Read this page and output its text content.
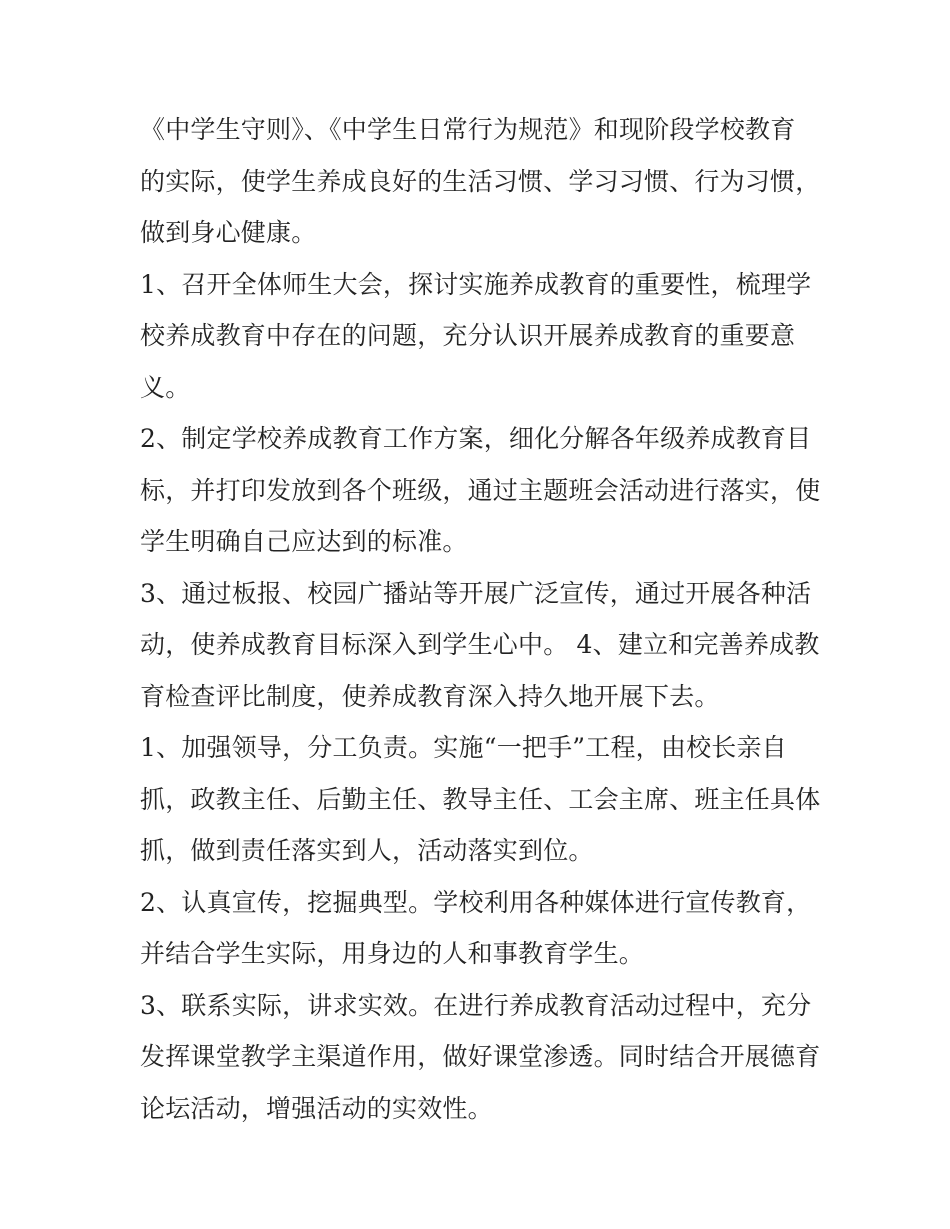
《中学生守则》、《中学生日常行为规范》和现阶段学校教育
的实际，使学生养成良好的生活习惯、学习习惯、行为习惯，
做到身心健康。
1、召开全体师生大会，探讨实施养成教育的重要性，梳理学
校养成教育中存在的问题，充分认识开展养成教育的重要意
义。
2、制定学校养成教育工作方案，细化分解各年级养成教育目
标，并打印发放到各个班级，通过主题班会活动进行落实，使
学生明确自己应达到的标准。
3、通过板报、校园广播站等开展广泛宣传，通过开展各种活
动，使养成教育目标深入到学生心中。 4、建立和完善养成教
育检查评比制度，使养成教育深入持久地开展下去。
1、加强领导，分工负责。实施“一把手”工程，由校长亲自
抓，政教主任、后勤主任、教导主任、工会主席、班主任具体
抓，做到责任落实到人，活动落实到位。
2、认真宣传，挖掘典型。学校利用各种媒体进行宣传教育，
并结合学生实际，用身边的人和事教育学生。
3、联系实际，讲求实效。在进行养成教育活动过程中，充分
发挥课堂教学主渠道作用，做好课堂渗透。同时结合开展德育
论坛活动，增强活动的实效性。
